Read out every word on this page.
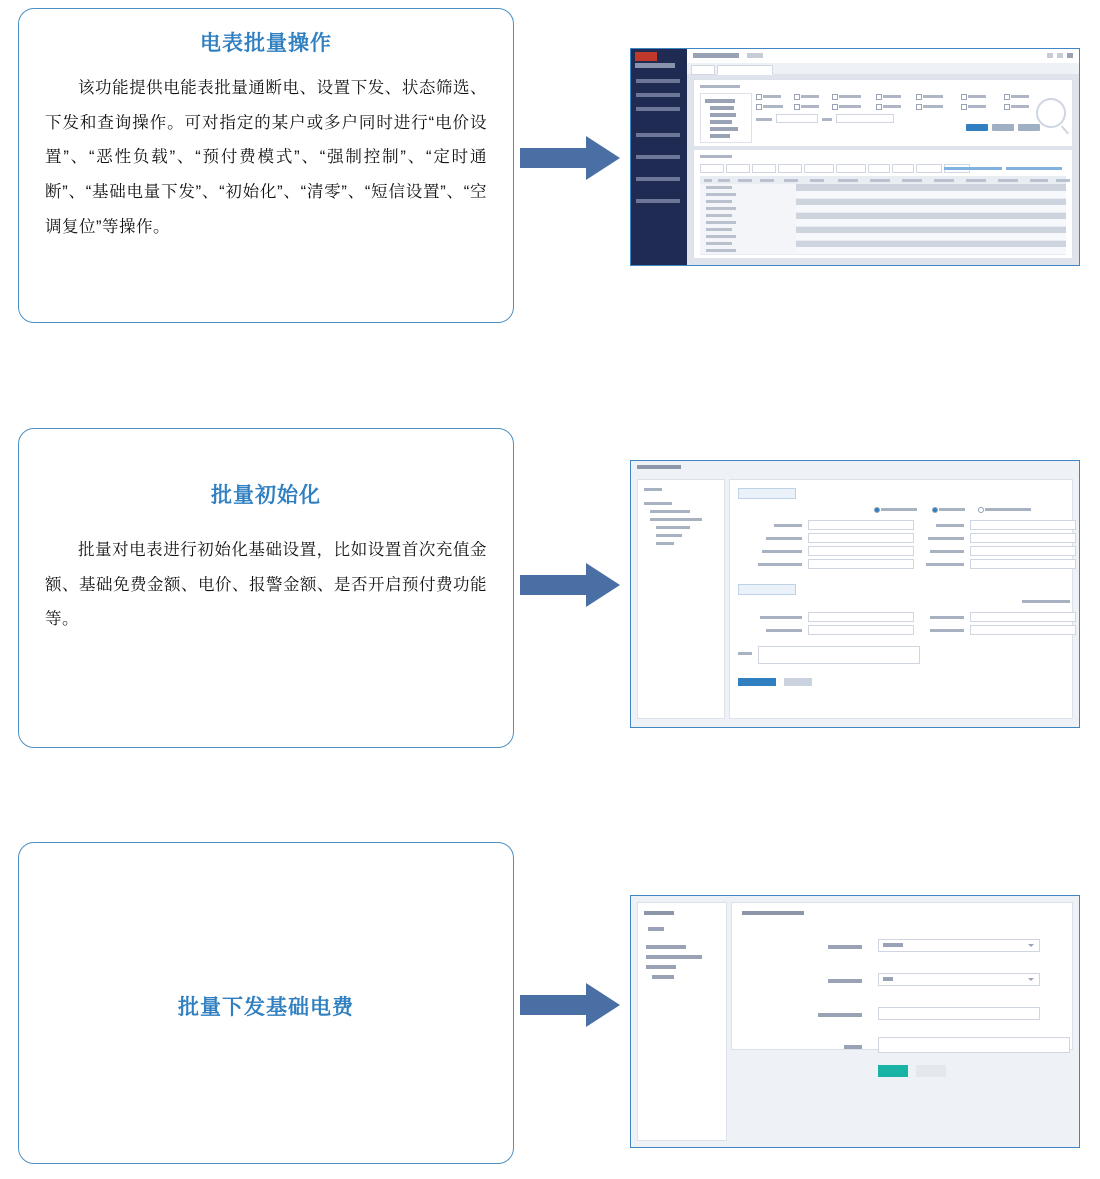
电表批量操作
该功能提供电能表批量通断电、设置下发、状态筛选、下发和查询操作。可对指定的某户或多户同时进行“电价设置”、“恶性负载”、“预付费模式”、“强制控制”、“定时通断”、“基础电量下发”、“初始化”、“清零”、“短信设置”、“空调复位”等操作。
批量初始化
批量对电表进行初始化基础设置，比如设置首次充值金额、基础免费金额、电价、报警金额、是否开启预付费功能等。
批量下发基础电费
